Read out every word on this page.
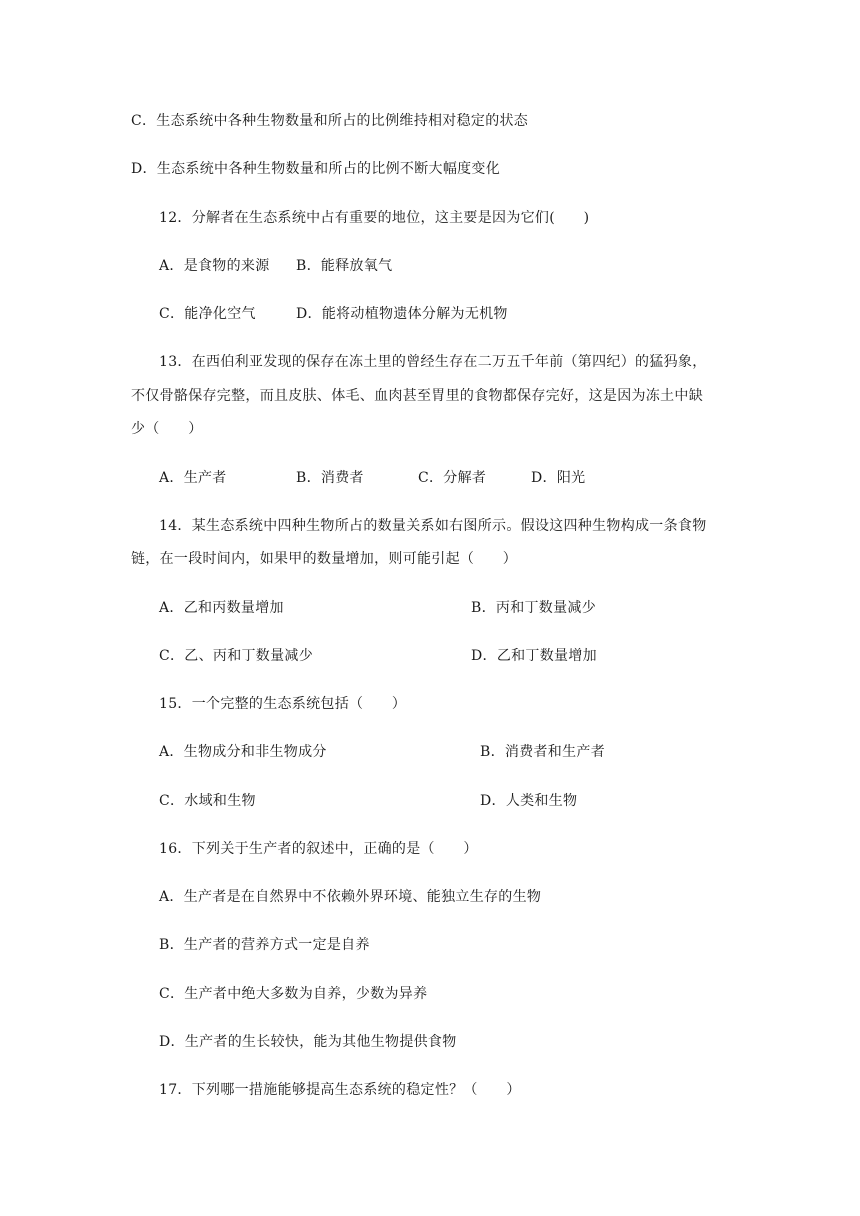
C．生态系统中各种生物数量和所占的比例维持相对稳定的状态
D．生态系统中各种生物数量和所占的比例不断大幅度变化
12．分解者在生态系统中占有重要的地位，这主要是因为它们(　　)
A．是食物的来源 B．能释放氧气
C．能净化空气	D．能将动植物遗体分解为无机物
13．在西伯利亚发现的保存在冻土里的曾经生存在二万五千年前（第四纪）的猛犸象，
不仅骨骼保存完整，而且皮肤、体毛、血肉甚至胃里的食物都保存完好，这是因为冻土中缺
少（　　）
A．生产者	B．消费者	C．分解者	D．阳光
14．某生态系统中四种生物所占的数量关系如右图所示。假设这四种生物构成一条食物
链，在一段时间内，如果甲的数量增加，则可能引起（　　）
A．乙和丙数量增加	B．丙和丁数量减少
C．乙、丙和丁数量减少	D．乙和丁数量增加
15．一个完整的生态系统包括（　　）
A．生物成分和非生物成分	B．消费者和生产者
C．水域和生物	D．人类和生物
16．下列关于生产者的叙述中，正确的是（　　）
A．生产者是在自然界中不依赖外界环境、能独立生存的生物
B．生产者的营养方式一定是自养
C．生产者中绝大多数为自养，少数为异养
D．生产者的生长较快，能为其他生物提供食物
17．下列哪一措施能够提高生态系统的稳定性？（　　）
